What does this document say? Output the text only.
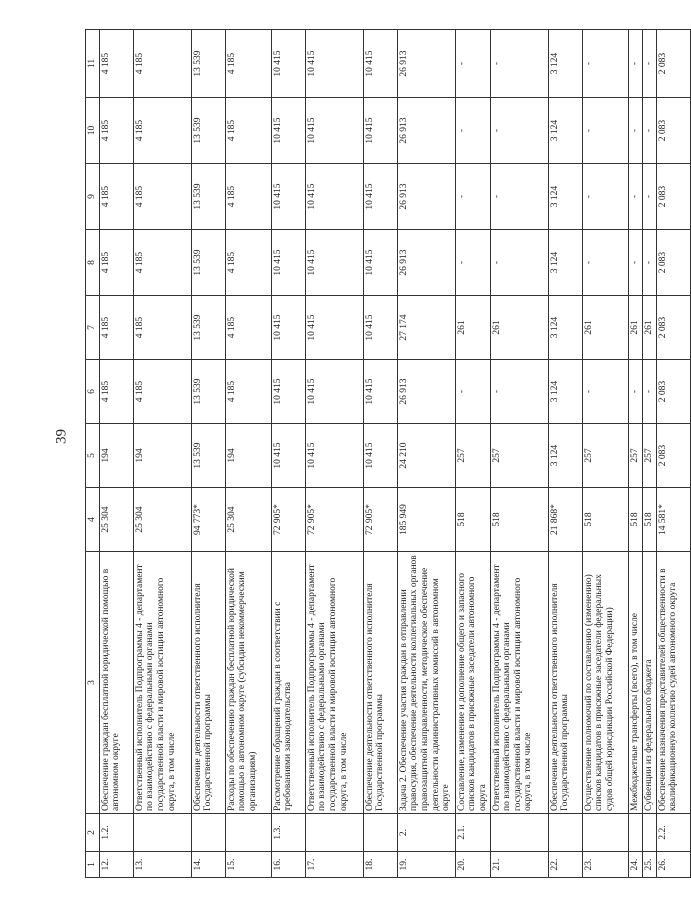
39
1	2	3	4	5	6	7	8	9	10	11
12.	1.2.	Обеспечение граждан бесплатной юридической помощью в автономном округе	25 304	194	4 185	4 185	4 185	4 185	4 185	4 185
13.		Ответственный исполнитель Подпрограммы 4 - департамент по взаимодействию с федеральными органами государственной власти и мировой юстиции автономного округа, в том числе	25 304	194	4 185	4 185	4 185	4 185	4 185	4 185
14.		Обеспечение деятельности ответственного исполнителя Государственной программы	94 773*	13 539	13 539	13 539	13 539	13 539	13 539	13 539
15.		Расходы по обеспечению граждан бесплатной юридической помощью в автономном округе (субсидии некоммерческим организациям)	25 304	194	4 185	4 185	4 185	4 185	4 185	4 185
16.	1.3.	Рассмотрение обращений граждан в соответствии с требованиями законодательства	72 905*	10 415	10 415	10 415	10 415	10 415	10 415	10 415
17.		Ответственный исполнитель Подпрограммы 4 - департамент по взаимодействию с федеральными органами государственной власти и мировой юстиции автономного округа, в том числе	72 905*	10 415	10 415	10 415	10 415	10 415	10 415	10 415
18.		Обеспечение деятельности ответственного исполнителя Государственной программы	72 905*	10 415	10 415	10 415	10 415	10 415	10 415	10 415
19.	2.	Задача 2. Обеспечение участия граждан в отправлении правосудия, обеспечение деятельности коллегиальных органов правозащитной направленности, методическое обеспечение деятельности административных комиссий в автономном округе	185 949	24 210	26 913	27 174	26 913	26 913	26 913	26 913
20.	2.1.	Составление, изменение и дополнение общего и запасного списков кандидатов в присяжные заседатели автономного округа	518	257	-	261	-	-	-	-
21.		Ответственный исполнитель Подпрограммы 4 - департамент по взаимодействию с федеральными органами государственной власти и мировой юстиции автономного округа, в том числе	518	257	-	261	-	-	-	-
22.		Обеспечение деятельности ответственного исполнителя Государственной программы	21 868*	3 124	3 124	3 124	3 124	3 124	3 124	3 124
23.		Осуществление полномочий по составлению (изменению) списков кандидатов в присяжные заседатели федеральных судов общей юрисдикции Российской Федерации)	518	257	-	261	-	-	-	-
24.		Межбюджетные трансферты (всего), в том числе	518	257	-	261	-	-	-	-
25.		Субвенции из федерального бюджета	518	257	-	261	-	-	-	-
26.	2.2.	Обеспечение назначения представителей общественности в квалификационную коллегию судей автономного округа	14 581*	2 083	2 083	2 083	2 083	2 083	2 083	2 083
